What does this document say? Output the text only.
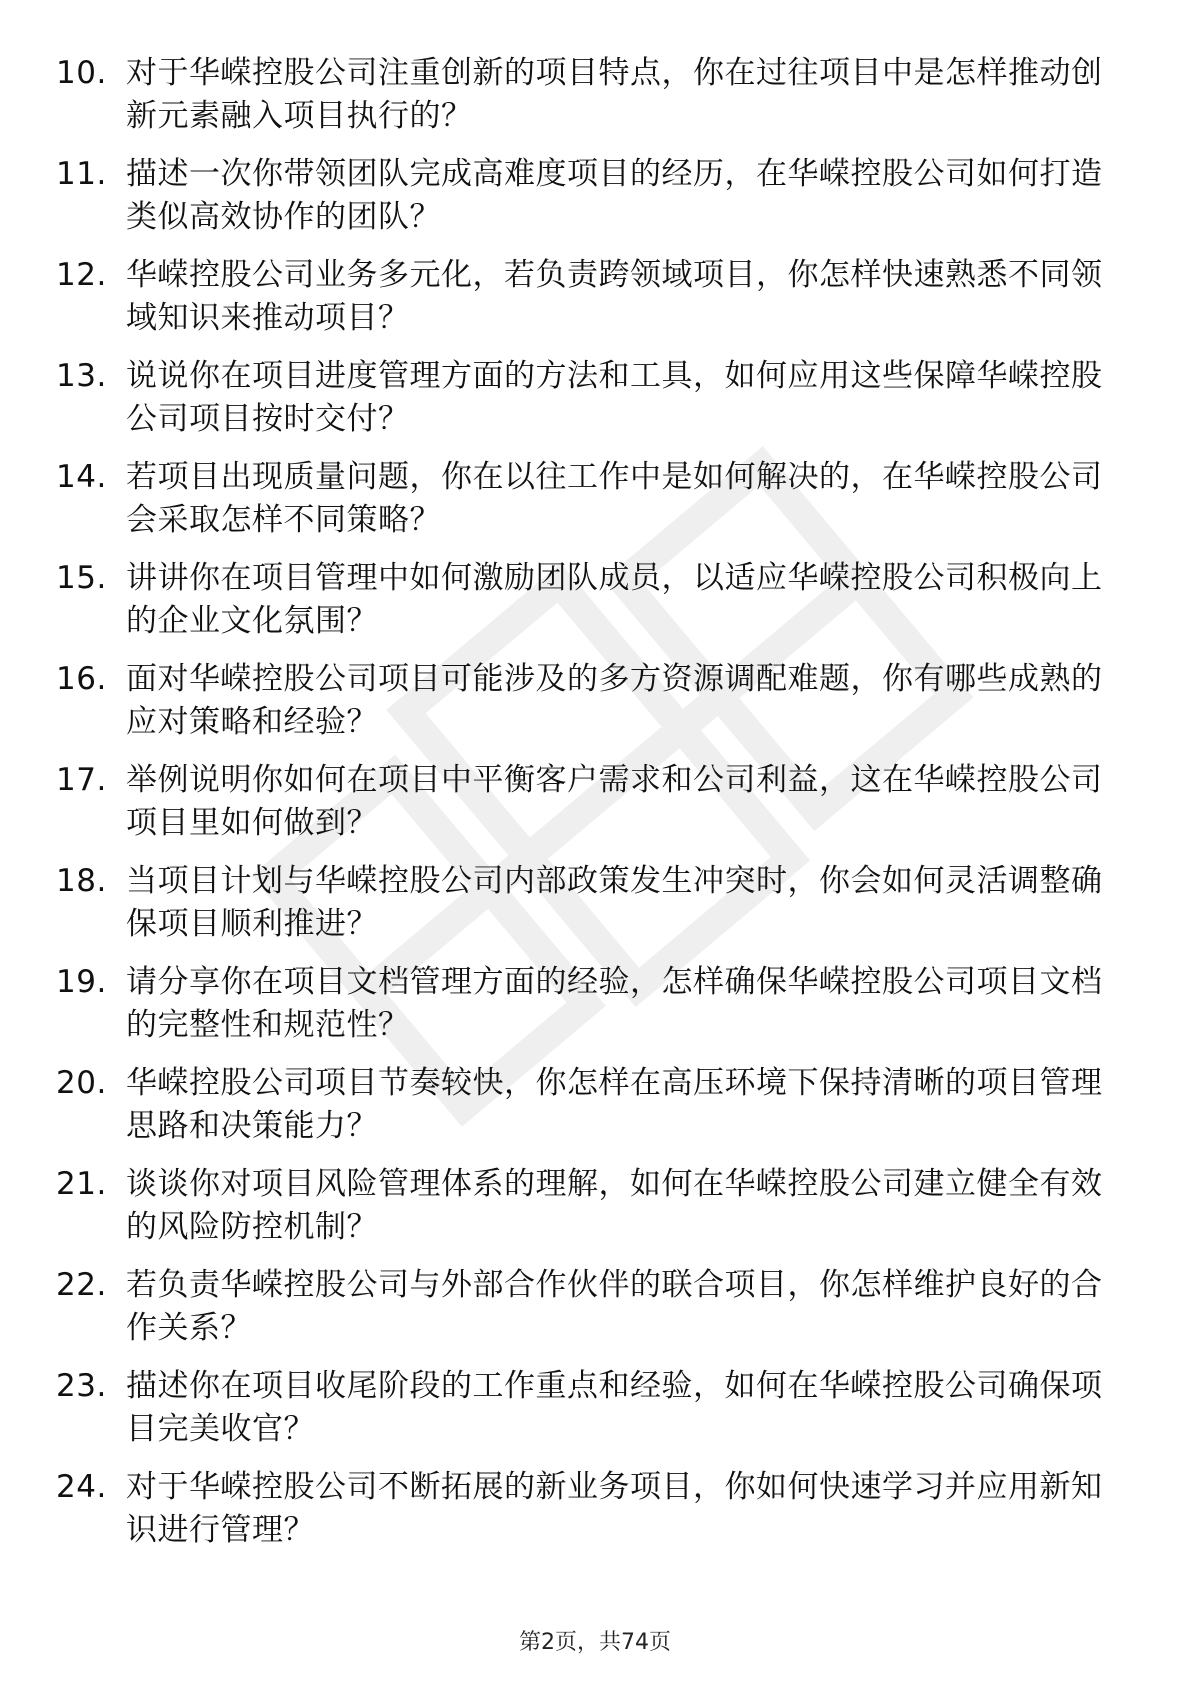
10. 对于华嵘控股公司注重创新的项目特点，你在过往项目中是怎样推动创新元素融入项目执行的？
11. 描述一次你带领团队完成高难度项目的经历，在华嵘控股公司如何打造类似高效协作的团队？
12. 华嵘控股公司业务多元化，若负责跨领域项目，你怎样快速熟悉不同领域知识来推动项目？
13. 说说你在项目进度管理方面的方法和工具，如何应用这些保障华嵘控股公司项目按时交付？
14. 若项目出现质量问题，你在以往工作中是如何解决的，在华嵘控股公司会采取怎样不同策略？
15. 讲讲你在项目管理中如何激励团队成员，以适应华嵘控股公司积极向上的企业文化氛围？
16. 面对华嵘控股公司项目可能涉及的多方资源调配难题，你有哪些成熟的应对策略和经验？
17. 举例说明你如何在项目中平衡客户需求和公司利益，这在华嵘控股公司项目里如何做到？
18. 当项目计划与华嵘控股公司内部政策发生冲突时，你会如何灵活调整确保项目顺利推进？
19. 请分享你在项目文档管理方面的经验，怎样确保华嵘控股公司项目文档的完整性和规范性？
20. 华嵘控股公司项目节奏较快，你怎样在高压环境下保持清晰的项目管理思路和决策能力？
21. 谈谈你对项目风险管理体系的理解，如何在华嵘控股公司建立健全有效的风险防控机制？
22. 若负责华嵘控股公司与外部合作伙伴的联合项目，你怎样维护良好的合作关系？
23. 描述你在项目收尾阶段的工作重点和经验，如何在华嵘控股公司确保项目完美收官？
24. 对于华嵘控股公司不断拓展的新业务项目，你如何快速学习并应用新知识进行管理？
第2页，共74页
